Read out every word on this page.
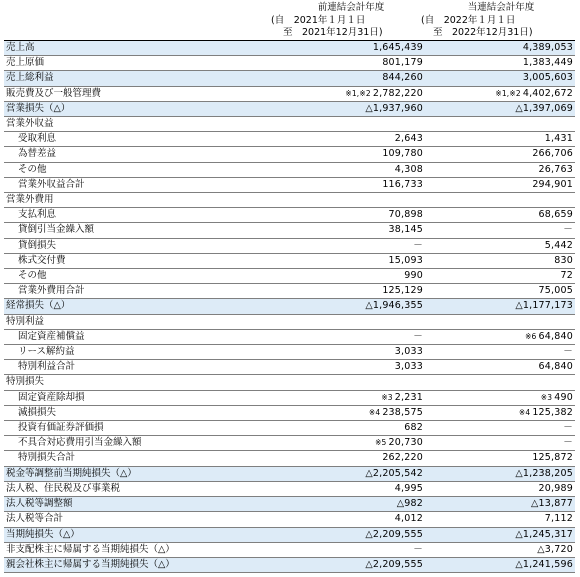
前連結会計年度
(自　2021年１月１日
至　2021年12月31日)
当連結会計年度
(自　2022年１月１日
至　2022年12月31日)
売上高	1,645,439	4,389,053
売上原価	801,179	1,383,449
売上総利益	844,260	3,005,603
販売費及び一般管理費	※1,※2 2,782,220	※1,※2 4,402,672
営業損失（△）	△1,937,960	△1,397,069
営業外収益		
受取利息	2,643	1,431
為替差益	109,780	266,706
その他	4,308	26,763
営業外収益合計	116,733	294,901
営業外費用		
支払利息	70,898	68,659
貸倒引当金繰入額	38,145	－
貸倒損失	－	5,442
株式交付費	15,093	830
その他	990	72
営業外費用合計	125,129	75,005
経常損失（△）	△1,946,355	△1,177,173
特別利益		
固定資産補償益	－	※6 64,840
リース解約益	3,033	－
特別利益合計	3,033	64,840
特別損失		
固定資産除却損	※3 2,231	※3 490
減損損失	※4 238,575	※4 125,382
投資有価証券評価損	682	－
不具合対応費用引当金繰入額	※5 20,730	－
特別損失合計	262,220	125,872
税金等調整前当期純損失（△）	△2,205,542	△1,238,205
法人税、住民税及び事業税	4,995	20,989
法人税等調整額	△982	△13,877
法人税等合計	4,012	7,112
当期純損失（△）	△2,209,555	△1,245,317
非支配株主に帰属する当期純損失（△）	－	△3,720
親会社株主に帰属する当期純損失（△）	△2,209,555	△1,241,596
